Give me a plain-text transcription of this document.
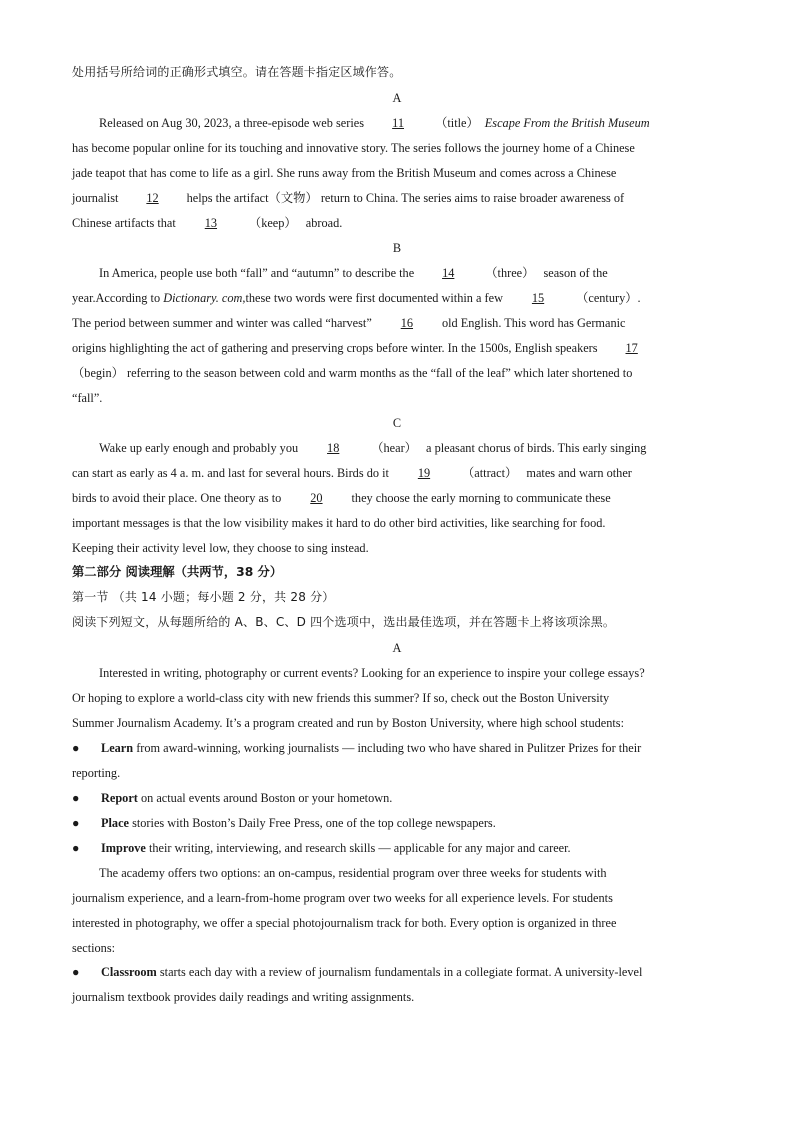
处用括号所给词的正确形式填空。请在答题卡指定区域作答。
A
Released on Aug 30, 2023, a three-episode web series 11	（title） Escape From the British Museum
has become popular online for its touching and innovative story. The series follows the journey home of a Chinese
jade teapot that has come to life as a girl. She runs away from the British Museum and comes across a Chinese
journalist 12 helps the artifact（文物） return to China. The series aims to raise broader awareness of
Chinese artifacts that 13	（keep） abroad.
B
In America, people use both “fall” and “autumn” to describe the 14	（three） season of the
year.According to Dictionary. com,these two words were first documented within a few 15	（century）.
The period between summer and winter was called “harvest” 16 old English. This word has Germanic
origins highlighting the act of gathering and preserving crops before winter. In the 1500s, English speakers 17
（begin） referring to the season between cold and warm months as the “fall of the leaf” which later shortened to
“fall”.
C
Wake up early enough and probably you 18	（hear） a pleasant chorus of birds. This early singing
can start as early as 4 a. m. and last for several hours. Birds do it 19	（attract） mates and warn other
birds to avoid their place. One theory as to 20 they choose the early morning to communicate these
important messages is that the low visibility makes it hard to do other bird activities, like searching for food.
Keeping their activity level low, they choose to sing instead.
第二部分 阅读理解（共两节，38 分）
第一节 （共 14 小题；每小题 2 分，共 28 分）
阅读下列短文，从每题所给的 A、B、C、D 四个选项中，选出最佳选项，并在答题卡上将该项涂黑。
A
Interested in writing, photography or current events? Looking for an experience to inspire your college essays?
Or hoping to explore a world-class city with new friends this summer? If so, check out the Boston University
Summer Journalism Academy. It’s a program created and run by Boston University, where high school students:
● Learn from award-winning, working journalists — including two who have shared in Pulitzer Prizes for their
reporting.
● Report on actual events around Boston or your hometown.
● Place stories with Boston’s Daily Free Press, one of the top college newspapers.
● Improve their writing, interviewing, and research skills — applicable for any major and career.
The academy offers two options: an on-campus, residential program over three weeks for students with
journalism experience, and a learn-from-home program over two weeks for all experience levels. For students
interested in photography, we offer a special photojournalism track for both. Every option is organized in three
sections:
● Classroom starts each day with a review of journalism fundamentals in a collegiate format. A university-level
journalism textbook provides daily readings and writing assignments.
